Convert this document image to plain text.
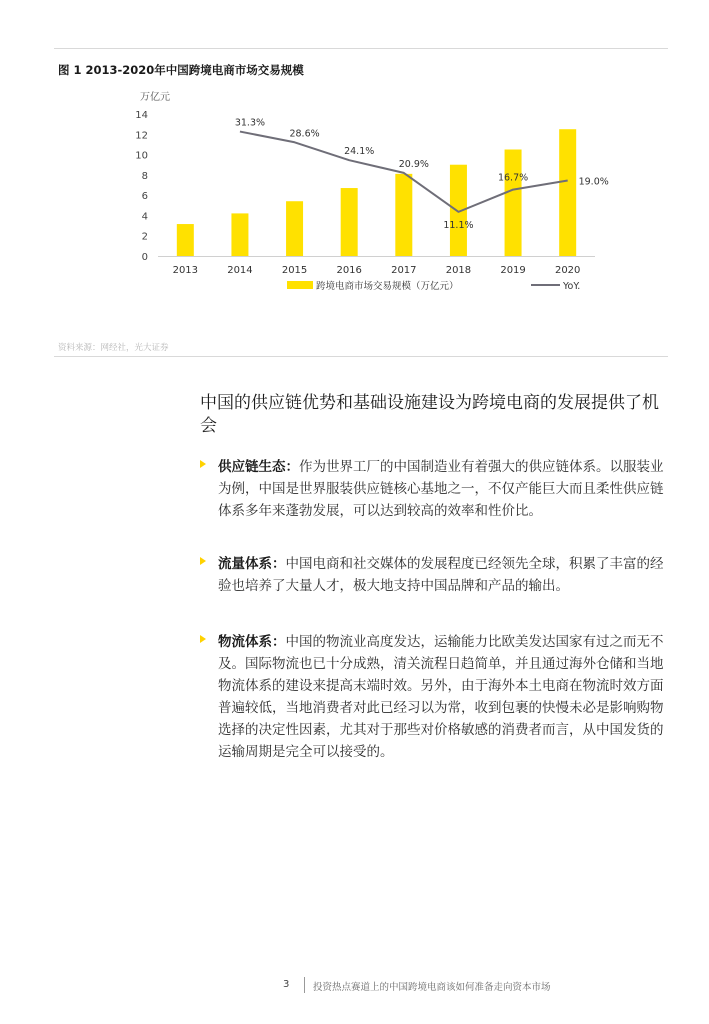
图 1 2013-2020年中国跨境电商市场交易规模
万亿元
0
2
4
6
8
10
12
14
2013	2014	2015	2016	2017	2018	2019	2020
31.3%
28.6%
24.1%
20.9%
11.1%
16.7%	19.0%
跨境电商市场交易规模（万亿元）	YoY.
资料来源：网经社，光大证券
中国的供应链优势和基础设施建设为跨境电商的发展提供了机会
供应链生态：作为世界工厂的中国制造业有着强大的供应链体系。以服装业为例，中国是世界服装供应链核心基地之一，不仅产能巨大而且柔性供应链体系多年来蓬勃发展，可以达到较高的效率和性价比。
流量体系：中国电商和社交媒体的发展程度已经领先全球，积累了丰富的经验也培养了大量人才，极大地支持中国品牌和产品的输出。
物流体系：中国的物流业高度发达，运输能力比欧美发达国家有过之而无不及。国际物流也已十分成熟，清关流程日趋简单，并且通过海外仓储和当地物流体系的建设来提高末端时效。另外，由于海外本土电商在物流时效方面普遍较低，当地消费者对此已经习以为常，收到包裹的快慢未必是影响购物选择的决定性因素，尤其对于那些对价格敏感的消费者而言，从中国发货的运输周期是完全可以接受的。
3 投资热点赛道上的中国跨境电商该如何准备走向资本市场
